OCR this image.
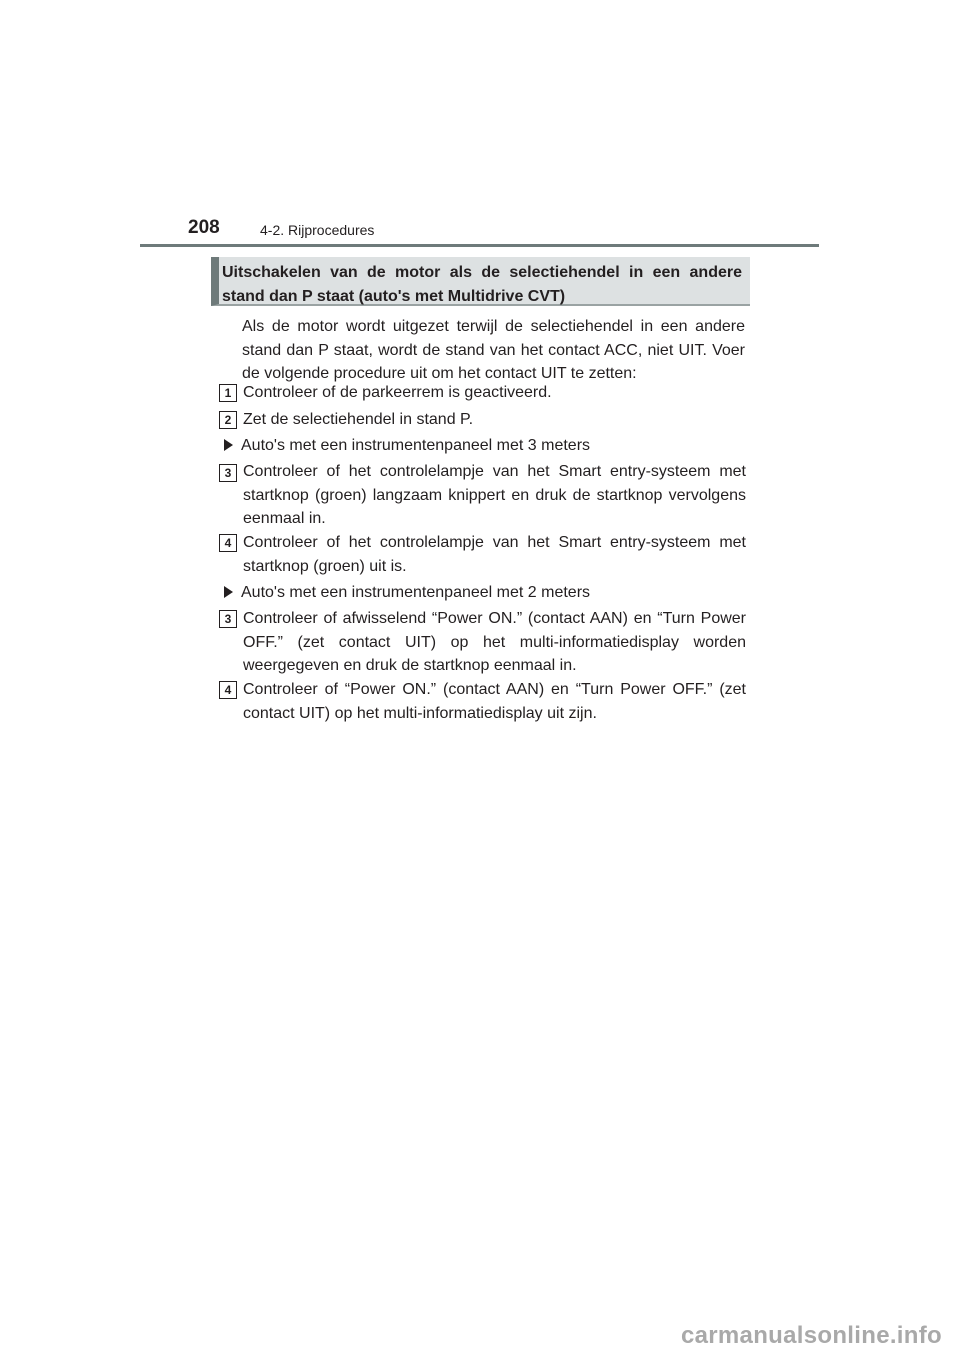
208	4-2. Rijprocedures
Uitschakelen van de motor als de selectiehendel in een andere stand dan P staat (auto's met Multidrive CVT)
Als de motor wordt uitgezet terwijl de selectiehendel in een andere stand dan P staat, wordt de stand van het contact ACC, niet UIT. Voer de volgende procedure uit om het contact UIT te zetten:
1 Controleer of de parkeerrem is geactiveerd.
2 Zet de selectiehendel in stand P.
Auto's met een instrumentenpaneel met 3 meters
3 Controleer of het controlelampje van het Smart entry-systeem met startknop (groen) langzaam knippert en druk de startknop vervolgens eenmaal in.
4 Controleer of het controlelampje van het Smart entry-systeem met startknop (groen) uit is.
Auto's met een instrumentenpaneel met 2 meters
3 Controleer of afwisselend “Power ON.” (contact AAN) en “Turn Power OFF.” (zet contact UIT) op het multi-informatiedisplay worden weergegeven en druk de startknop eenmaal in.
4 Controleer of “Power ON.” (contact AAN) en “Turn Power OFF.” (zet contact UIT) op het multi-informatiedisplay uit zijn.
carmanualsonline.info
